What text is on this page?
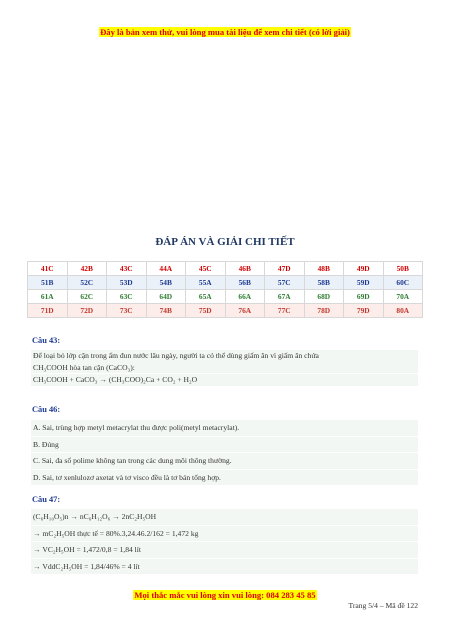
Đây là bản xem thử, vui lòng mua tài liệu để xem chi tiết (có lời giải)
ĐÁP ÁN VÀ GIẢI CHI TIẾT
41C	42B	43C	44A	45C	46B	47D	48B	49D	50B
51B	52C	53D	54B	55A	56B	57C	58B	59D	60C
61A	62C	63C	64D	65A	66A	67A	68D	69D	70A
71D	72D	73C	74B	75D	76A	77C	78D	79D	80A
Câu 43:
Để loại bỏ lớp cặn trong ấm đun nước lâu ngày, người ta có thể dùng giấm ăn vì giấm ăn chứa
CH₃COOH hòa tan cặn (CaCO₃):
CH₃COOH + CaCO₃ → (CH₃COO)₂Ca + CO₂ + H₂O
Câu 46:
A. Sai, trùng hợp metyl metacrylat thu được poli(metyl metacrylat).
B. Đúng
C. Sai, đa số polime không tan trong các dung môi thông thường.
D. Sai, tơ xenlulozơ axetat và tơ visco đều là tơ bán tổng hợp.
Câu 47:
(C₆H₁₀O₅)n → nC₆H₁₂O₆ → 2nC₂H₅OH
→ mC₂H₅OH thực tế = 80%.3,24.46.2/162 = 1,472 kg
→ VC₂H₅OH = 1,472/0,8 = 1,84 lít
→ VddC₂H₅OH = 1,84/46% = 4 lít
Mọi thắc mắc vui lòng xin vui lòng: 084 283 45 85
Trang 5/4 – Mã đề 122
